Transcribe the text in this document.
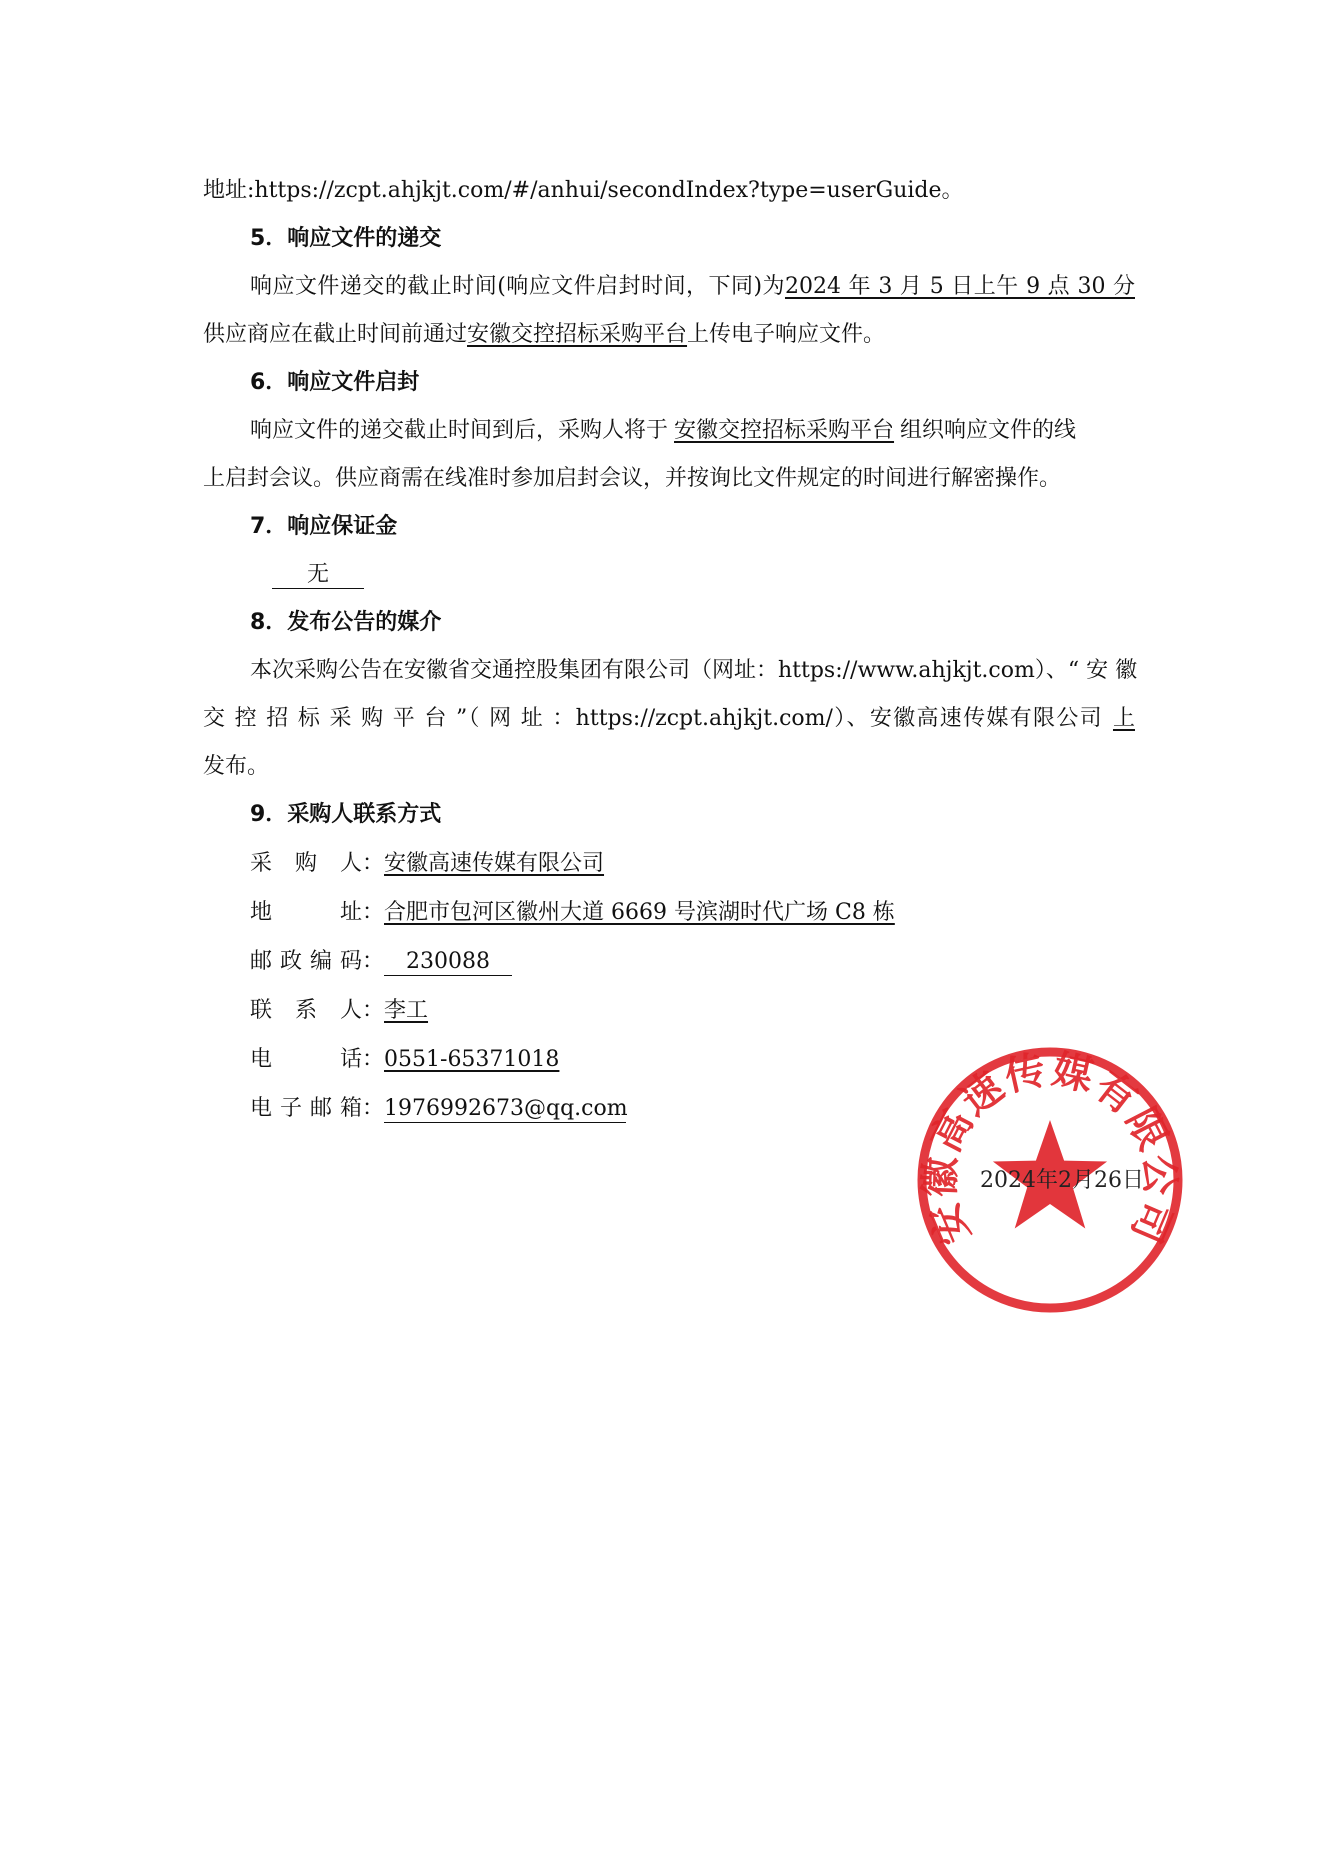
地址:https://zcpt.ahjkjt.com/#/anhui/secondIndex?type=userGuide。
5．响应文件的递交
响应文件递交的截止时间(响应文件启封时间，下同)为2024 年 3 月 5 日上午 9 点 30 分
供应商应在截止时间前通过安徽交控招标采购平台上传电子响应文件。
6．响应文件启封
响应文件的递交截止时间到后，采购人将于 安徽交控招标采购平台 组织响应文件的线
上启封会议。供应商需在线准时参加启封会议，并按询比文件规定的时间进行解密操作。
7．响应保证金
无
8．发布公告的媒介
本次采购公告在安徽省交通控股集团有限公司（网址：https://www.ahjkjt.com）、“ 安 徽
交 控 招 标 采 购 平 台 ”（ 网 址 ：https://zcpt.ahjkjt.com/）、安徽高速传媒有限公司 上
发布。
9．采购人联系方式
采购人：安徽高速传媒有限公司
地址：合肥市包河区徽州大道 6669 号滨湖时代广场 C8 栋
邮政编码： 230088
联系人：李工
电话：0551-65371018
电子邮箱：1976992673@qq.com
安徽高速传媒有限公司
2024年2月26日
